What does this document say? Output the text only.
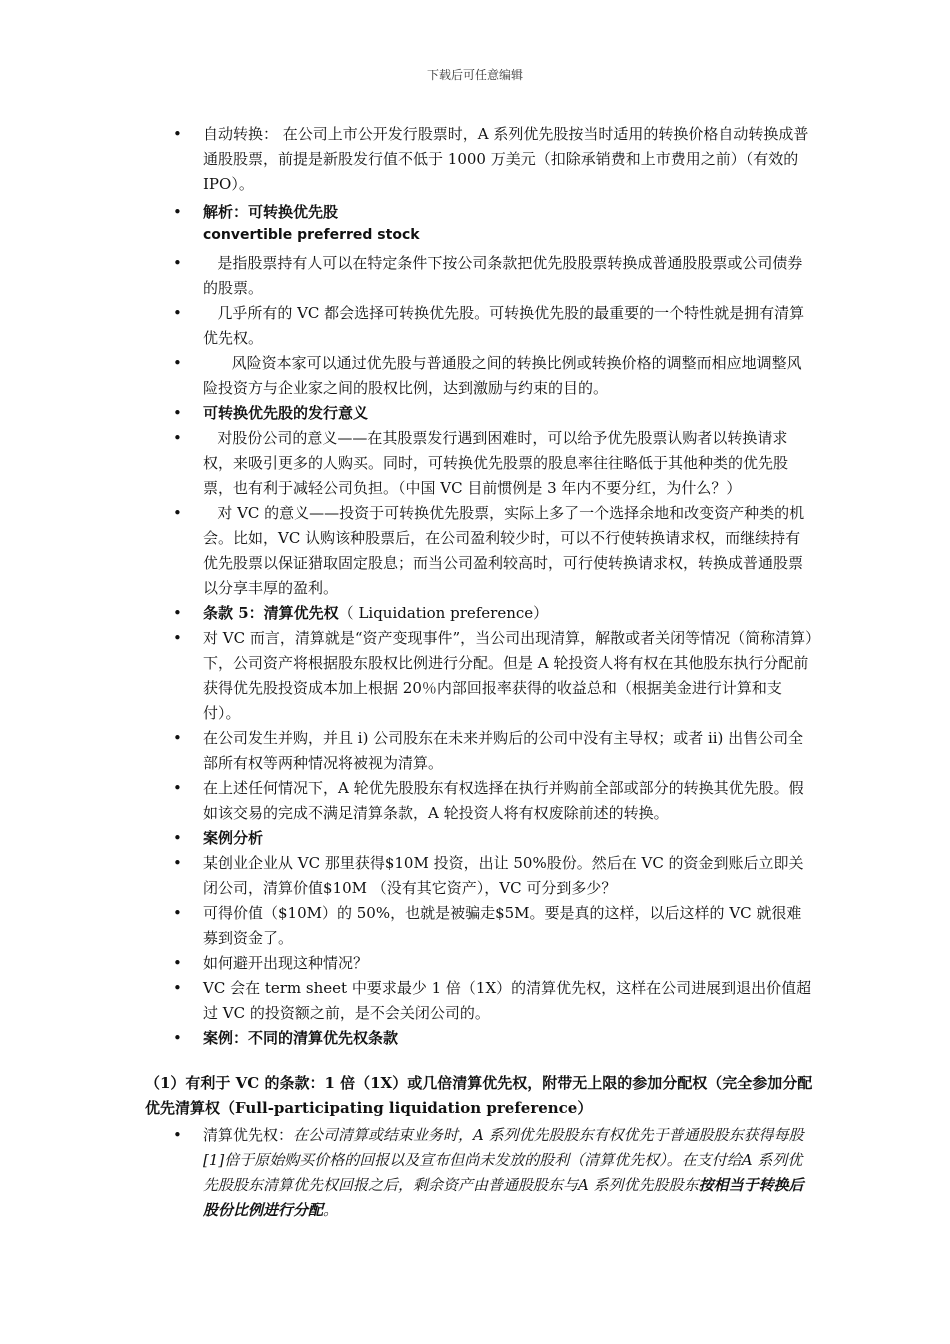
下载后可任意编辑
• 自动转换： 在公司上市公开发行股票时，A 系列优先股按当时适用的转换价格自动转换成普通股股票，前提是新股发行值不低于 1000 万美元（扣除承销费和上市费用之前）（有效的 IPO）。
• 解析：可转换优先股
convertible preferred stock
• 是指股票持有人可以在特定条件下按公司条款把优先股股票转换成普通股股票或公司债券的股票。
• 几乎所有的 VC 都会选择可转换优先股。可转换优先股的最重要的一个特性就是拥有清算优先权。
• 风险资本家可以通过优先股与普通股之间的转换比例或转换价格的调整而相应地调整风险投资方与企业家之间的股权比例，达到激励与约束的目的。
• 可转换优先股的发行意义
• 对股份公司的意义——在其股票发行遇到困难时，可以给予优先股票认购者以转换请求权，来吸引更多的人购买。同时，可转换优先股票的股息率往往略低于其他种类的优先股票，也有利于减轻公司负担。（中国 VC 目前惯例是 3 年内不要分红，为什么？）
• 对 VC 的意义——投资于可转换优先股票，实际上多了一个选择余地和改变资产种类的机会。比如，VC 认购该种股票后，在公司盈利较少时，可以不行使转换请求权，而继续持有优先股票以保证猎取固定股息；而当公司盈利较高时，可行使转换请求权，转换成普通股票以分享丰厚的盈利。
• 条款 5：清算优先权（ Liquidation preference）
• 对 VC 而言，清算就是“资产变现事件”，当公司出现清算，解散或者关闭等情况（简称清算）下，公司资产将根据股东股权比例进行分配。但是 A 轮投资人将有权在其他股东执行分配前获得优先股投资成本加上根据 20％内部回报率获得的收益总和（根据美金进行计算和支付）。
• 在公司发生并购，并且 i) 公司股东在未来并购后的公司中没有主导权；或者 ii) 出售公司全部所有权等两种情况将被视为清算。
• 在上述任何情况下，A 轮优先股股东有权选择在执行并购前全部或部分的转换其优先股。假如该交易的完成不满足清算条款，A 轮投资人将有权废除前述的转换。
• 案例分析
• 某创业企业从 VC 那里获得$10M 投资，出让 50%股份。然后在 VC 的资金到账后立即关闭公司，清算价值$10M （没有其它资产），VC 可分到多少？
• 可得价值（$10M）的 50%，也就是被骗走$5M。要是真的这样，以后这样的 VC 就很难募到资金了。
• 如何避开出现这种情况？
• VC 会在 term sheet 中要求最少 1 倍（1X）的清算优先权，这样在公司进展到退出价值超过 VC 的投资额之前，是不会关闭公司的。
• 案例：不同的清算优先权条款

（1）有利于 VC 的条款：1 倍（1X）或几倍清算优先权，附带无上限的参加分配权（完全参加分配优先清算权（Full-participating liquidation preference）

• 清算优先权：在公司清算或结束业务时，A 系列优先股股东有权优先于普通股股东获得每股[1]倍于原始购买价格的回报以及宣布但尚未发放的股利（清算优先权）。在支付给A 系列优先股股东清算优先权回报之后，剩余资产由普通股股东与A 系列优先股股东按相当于转换后股份比例进行分配。
